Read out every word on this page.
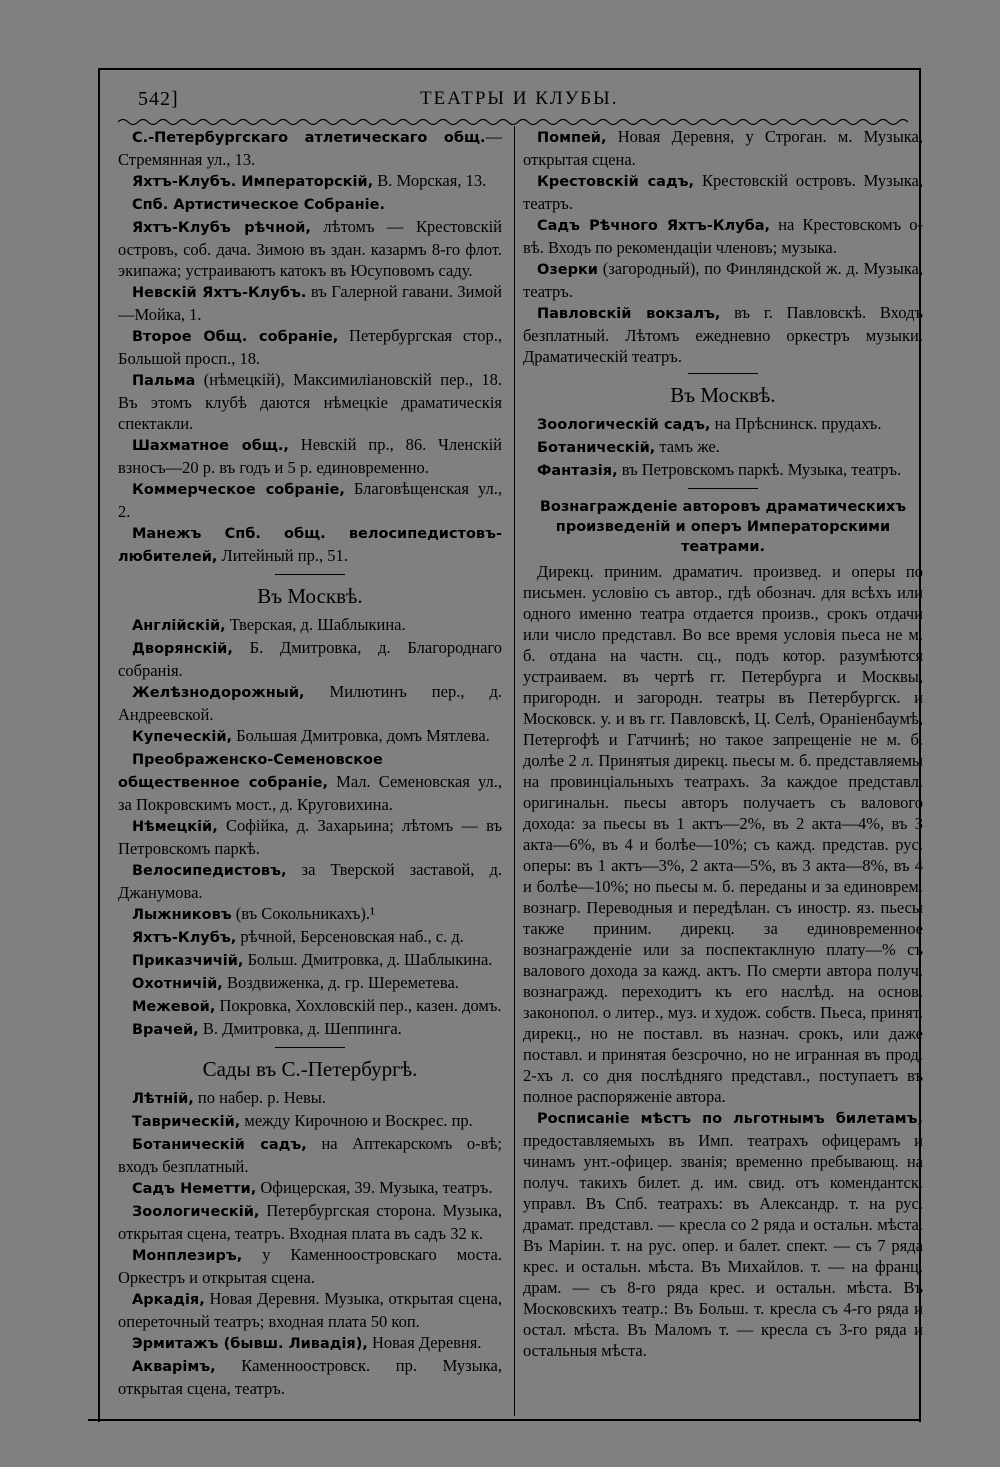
542]	ТЕАТРЫ И КЛУБЫ.
С.-Петербургскаго атлетическаго общ.— Стремянная ул., 13.
Яхтъ-Клубъ. Императорскій, В. Морская, 13.
Спб. Артистическое Собраніе.
Яхтъ-Клубъ рѣчной, лѣтомъ — Крестовскій островъ, соб. дача. Зимою въ здан. казармъ 8-го флот. экипажа; устраиваютъ катокъ въ Юсуповомъ саду.
Невскій Яхтъ-Клубъ. въ Галерной гавани. Зимой—Мойка, 1.
Второе Общ. собраніе, Петербургская стор., Большой просп., 18.
Пальма (нѣмецкій), Максимиліановскій пер., 18. Въ этомъ клубѣ даются нѣмецкіе драматическія спектакли.
Шахматное общ., Невскій пр., 86. Членскій взносъ—20 р. въ годъ и 5 р. единовременно.
Коммерческое собраніе, Благовѣщенская ул., 2.
Манежъ Спб. общ. велосипедистовъ-любителей, Литейный пр., 51.
Въ Москвѣ.
Англійскій, Тверская, д. Шаблыкина.
Дворянскій, Б. Дмитровка, д. Благороднаго собранія.
Желѣзнодорожный, Милютинъ пер., д. Андреевской.
Купеческій, Большая Дмитровка, домъ Мятлева.
Преображенско-Семеновское общественное собраніе, Мал. Семеновская ул., за Покровскимъ мост., д. Круговихина.
Нѣмецкій, Софійка, д. Захарьина; лѣтомъ — въ Петровскомъ паркѣ.
Велосипедистовъ, за Тверской заставой, д. Джанумова.
Лыжниковъ (въ Сокольникахъ).¹
Яхтъ-Клубъ, рѣчной, Берсеновская наб., с. д.
Приказчичій, Больш. Дмитровка, д. Шаблыкина.
Охотничій, Воздвиженка, д. гр. Шереметева.
Межевой, Покровка, Хохловскій пер., казен. домъ.
Врачей, В. Дмитровка, д. Шеппинга.
Сады въ С.-Петербургѣ.
Лѣтній, по набер. р. Невы.
Таврическій, между Кирочною и Воскрес. пр.
Ботаническій садъ, на Аптекарскомъ о-вѣ; входъ безплатный.
Садъ Неметти, Офицерская, 39. Музыка, театръ.
Зоологическій, Петербургская сторона. Музыка, открытая сцена, театръ. Входная плата въ садъ 32 к.
Монплезиръ, у Каменноостровскаго моста. Оркестръ и открытая сцена.
Аркадія, Новая Деревня. Музыка, открытая сцена, опереточный театръ; входная плата 50 коп.
Эрмитажъ (бывш. Ливадія), Новая Деревня.
Акварімъ, Каменноостровск. пр. Музыка, открытая сцена, театръ.
Помпей, Новая Деревня, у Строган. м. Музыка, открытая сцена.
Крестовскій садъ, Крестовскій островъ. Музыка, театръ.
Садъ Рѣчного Яхтъ-Клуба, на Крестовскомъ о-вѣ. Входъ по рекомендаціи членовъ; музыка.
Озерки (загородный), по Финляндской ж. д. Музыка, театръ.
Павловскій вокзалъ, въ г. Павловскѣ. Входъ безплатный. Лѣтомъ ежедневно оркестръ музыки. Драматическій театръ.
Въ Москвѣ.
Зоологическій садъ, на Прѣснинск. прудахъ.
Ботаническій, тамъ же.
Фантазія, въ Петровскомъ паркѣ. Музыка, театръ.
Вознагражденіе авторовъ драматическихъ произведеній и оперъ Императорскими театрами.
Дирекц. приним. драматич. произвед. и оперы по письмен. условію съ автор., гдѣ обознач. для всѣхъ или одного именно театра отдается произв., срокъ отдачи или число представл. Во все время условія пьеса не м. б. отдана на частн. сц., подъ котор. разумѣются устраиваем. въ чертѣ гг. Петербурга и Москвы, пригородн. и загородн. театры въ Петербургск. и Московск. у. и въ гг. Павловскѣ, Ц. Селѣ, Ораніенбаумѣ, Петергофѣ и Гатчинѣ; но такое запрещеніе не м. б. долѣе 2 л. Принятыя дирекц. пьесы м. б. представляемы на провинціальныхъ театрахъ. За каждое представл. оригинальн. пьесы авторъ получаетъ съ валового дохода: за пьесы въ 1 актъ—2%, въ 2 акта—4%, въ 3 акта—6%, въ 4 и болѣе—10%; съ кажд. представ. рус. оперы: въ 1 актъ—3%, 2 акта—5%, въ 3 акта—8%, въ 4 и болѣе—10%; но пьесы м. б. переданы и за единоврем. вознагр. Переводныя и передѣлан. съ иностр. яз. пьесы также приним. дирекц. за единовременное вознагражденіе или за поспектаклную плату—% съ валового дохода за кажд. актъ. По смерти автора получ. вознагражд. переходитъ къ его наслѣд. на основ. законопол. о литер., муз. и худож. собств. Пьеса, принят. дирекц., но не поставл. въ назнач. срокъ, или даже поставл. и принятая безсрочно, но не игранная въ прод. 2-хъ л. со дня послѣдняго представл., поступаетъ въ полное распоряженіе автора.
Росписаніе мѣстъ по льготнымъ билетамъ, предоставляемыхъ въ Имп. театрахъ офицерамъ и чинамъ унт.-офицер. званія; временно пребывающ. на получ. такихъ билет. д. им. свид. отъ комендантск. управл. Въ Спб. театрахъ: въ Александр. т. на рус. драмат. представл. — кресла со 2 ряда и остальн. мѣста. Въ Маріин. т. на рус. опер. и балет. спект. — съ 7 ряда крес. и остальн. мѣста. Въ Михайлов. т. — на франц. драм. — съ 8-го ряда крес. и остальн. мѣста. Въ Московскихъ театр.: Въ Больш. т. кресла съ 4-го ряда и остал. мѣста. Въ Маломъ т. — кресла съ 3-го ряда и остальныя мѣста.
